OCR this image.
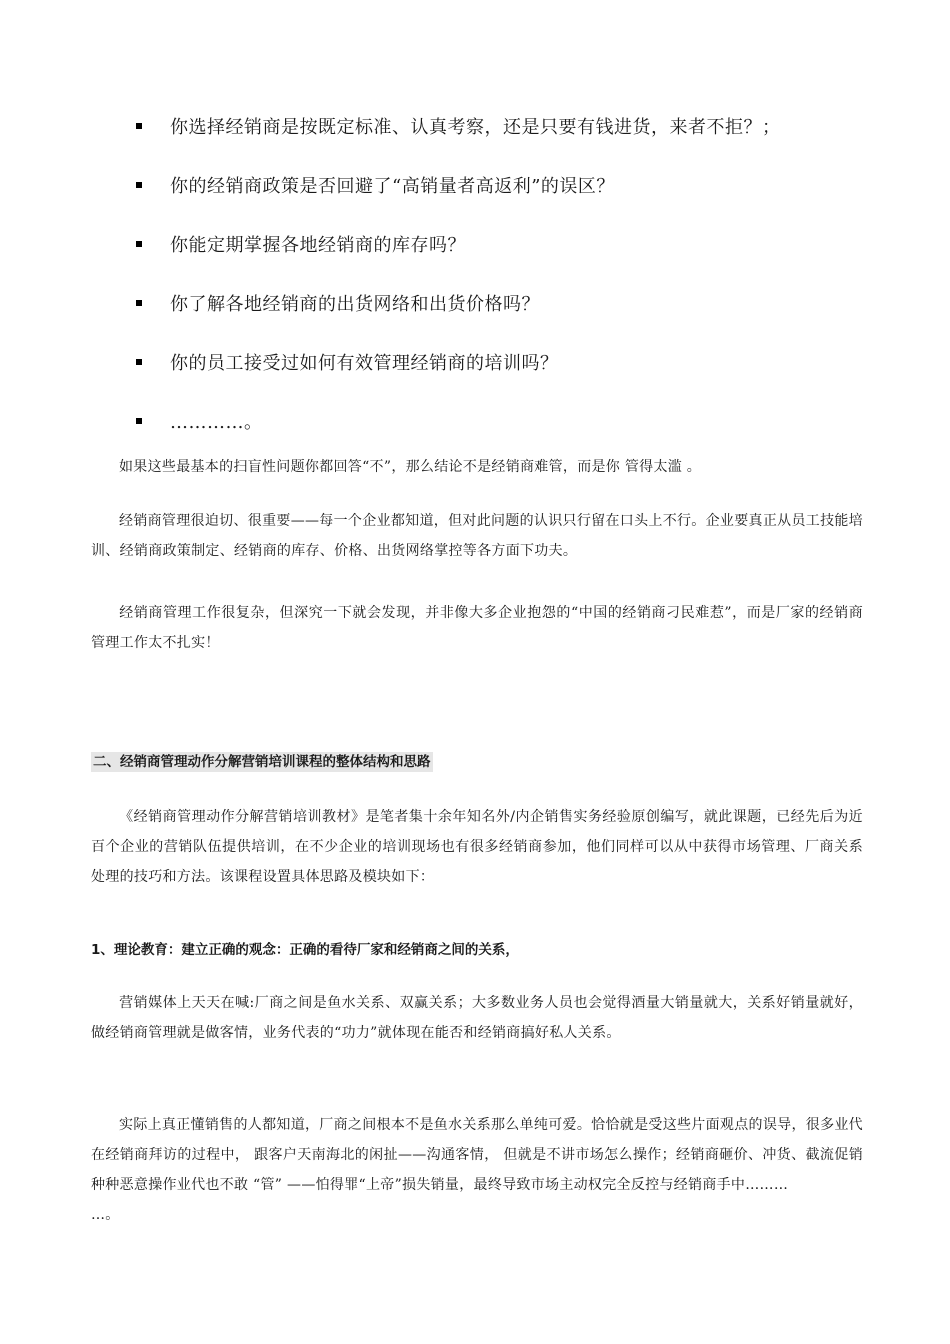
你选择经销商是按既定标准、认真考察，还是只要有钱进货，来者不拒？；
你的经销商政策是否回避了“高销量者高返利”的误区？
你能定期掌握各地经销商的库存吗？
你了解各地经销商的出货网络和出货价格吗？
你的员工接受过如何有效管理经销商的培训吗？
…………。

如果这些最基本的扫盲性问题你都回答“不”，那么结论不是经销商难管，而是你 管得太滥 。

经销商管理很迫切、很重要——每一个企业都知道，但对此问题的认识只行留在口头上不行。企业要真正从员工技能培训、经销商政策制定、经销商的库存、价格、出货网络掌控等各方面下功夫。

经销商管理工作很复杂，但深究一下就会发现，并非像大多企业抱怨的“中国的经销商刁民难惹”，而是厂家的经销商管理工作太不扎实！

二、经销商管理动作分解营销培训课程的整体结构和思路

《经销商管理动作分解营销培训教材》是笔者集十余年知名外/内企销售实务经验原创编写，就此课题，已经先后为近百个企业的营销队伍提供培训，在不少企业的培训现场也有很多经销商参加，他们同样可以从中获得市场管理、厂商关系处理的技巧和方法。该课程设置具体思路及模块如下：

1、理论教育：建立正确的观念：正确的看待厂家和经销商之间的关系，

营销媒体上天天在喊:厂商之间是鱼水关系、双赢关系；大多数业务人员也会觉得酒量大销量就大，关系好销量就好，做经销商管理就是做客情，业务代表的“功力”就体现在能否和经销商搞好私人关系。

实际上真正懂销售的人都知道，厂商之间根本不是鱼水关系那么单纯可爱。恰恰就是受这些片面观点的误导，很多业代在经销商拜访的过程中， 跟客户天南海北的闲扯——沟通客情， 但就是不讲市场怎么操作；经销商砸价、冲货、截流促销种种恶意操作业代也不敢 “管” ——怕得罪“上帝”损失销量，最终导致市场主动权完全反控与经销商手中………
…。
